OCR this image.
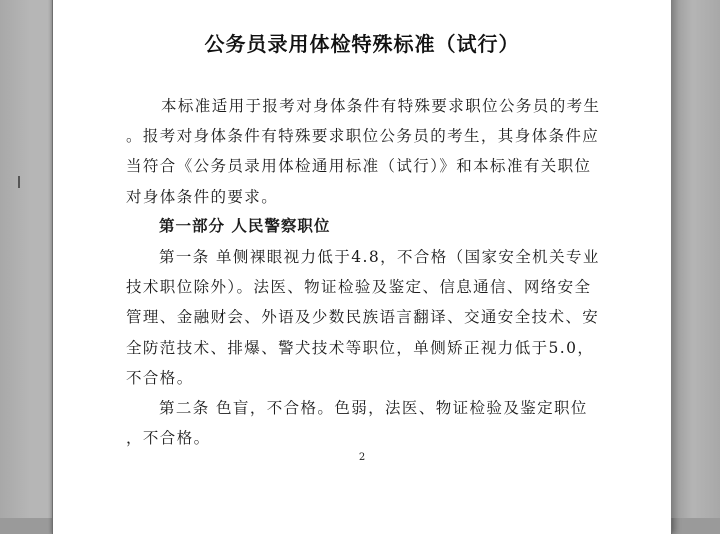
公务员录用体检特殊标准（试行）
本标准适用于报考对身体条件有特殊要求职位公务员的考生
。报考对身体条件有特殊要求职位公务员的考生，其身体条件应
当符合《公务员录用体检通用标准（试行）》和本标准有关职位
对身体条件的要求。
第一部分 人民警察职位
第一条 单侧裸眼视力低于4.8，不合格（国家安全机关专业
技术职位除外）。法医、物证检验及鉴定、信息通信、网络安全
管理、金融财会、外语及少数民族语言翻译、交通安全技术、安
全防范技术、排爆、警犬技术等职位，单侧矫正视力低于5.0，
不合格。
第二条 色盲，不合格。色弱，法医、物证检验及鉴定职位
，不合格。
2
